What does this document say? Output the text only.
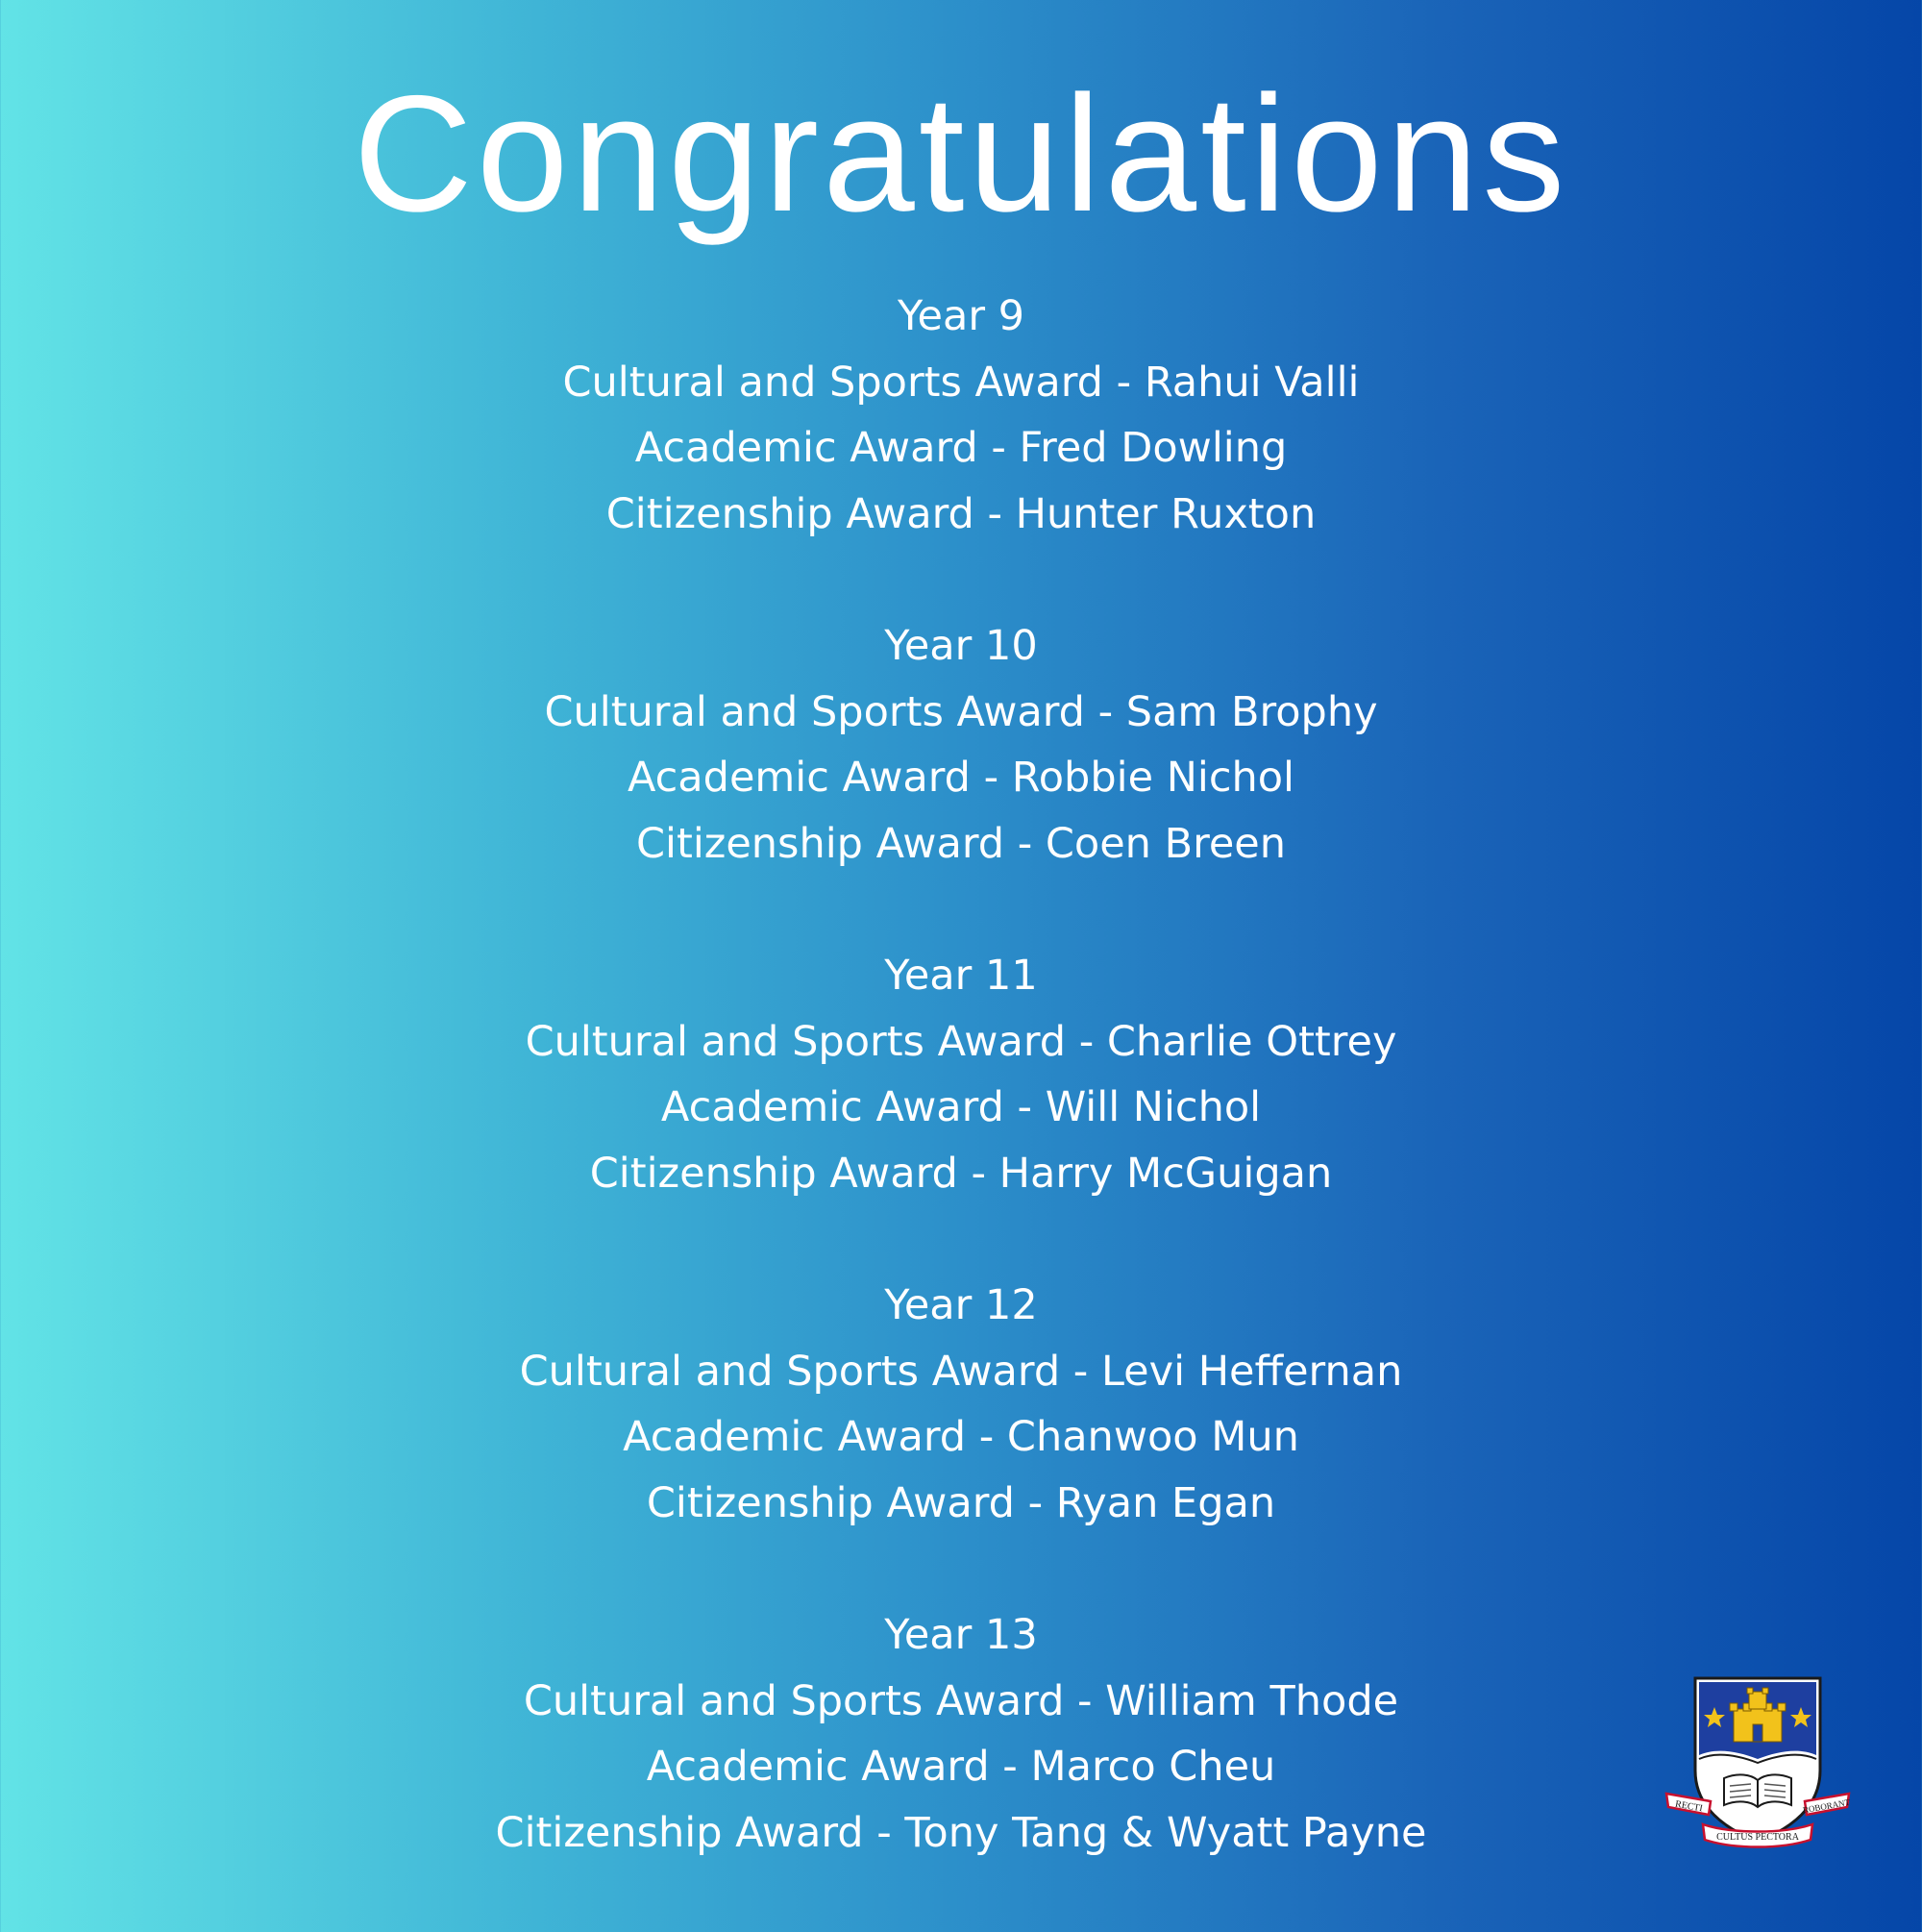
Congratulations
Year 9
Cultural and Sports Award - Rahui Valli
Academic Award - Fred Dowling
Citizenship Award - Hunter Ruxton
Year 10
Cultural and Sports Award - Sam Brophy
Academic Award - Robbie Nichol
Citizenship Award - Coen Breen
Year 11
Cultural and Sports Award - Charlie Ottrey
Academic Award - Will Nichol
Citizenship Award - Harry McGuigan
Year 12
Cultural and Sports Award - Levi Heffernan
Academic Award - Chanwoo Mun
Citizenship Award - Ryan Egan
Year 13
Cultural and Sports Award - William Thode
Academic Award - Marco Cheu
Citizenship Award - Tony Tang & Wyatt Payne
RECTI	ROBORANT
CULTUS PECTORA
